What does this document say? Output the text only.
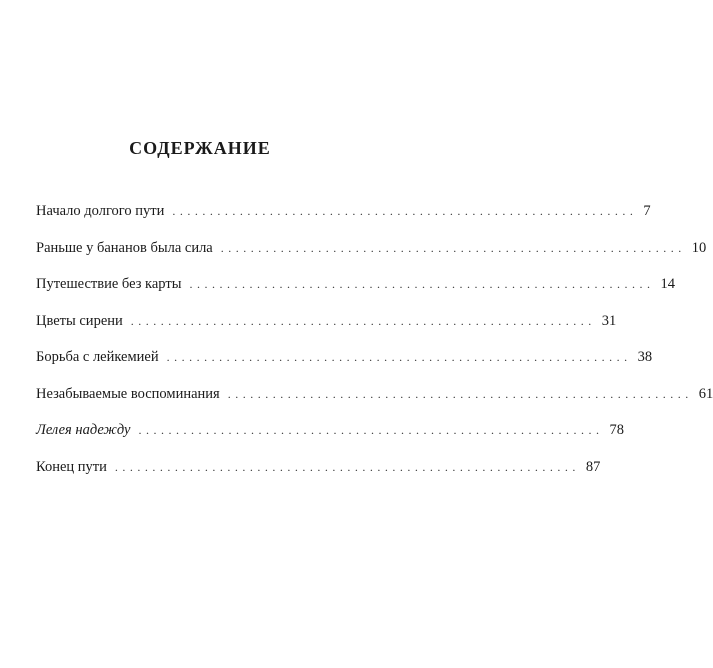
СОДЕРЖАНИЕ
Начало долгого пути .............................................................. 7
Раньше у бананов была сила .............................................................. 10
Путешествие без карты .............................................................. 14
Цветы сирени .............................................................. 31
Борьба с лейкемией .............................................................. 38
Незабываемые воспоминания .............................................................. 61
Лелея надежду .............................................................. 78
Конец пути .............................................................. 87
